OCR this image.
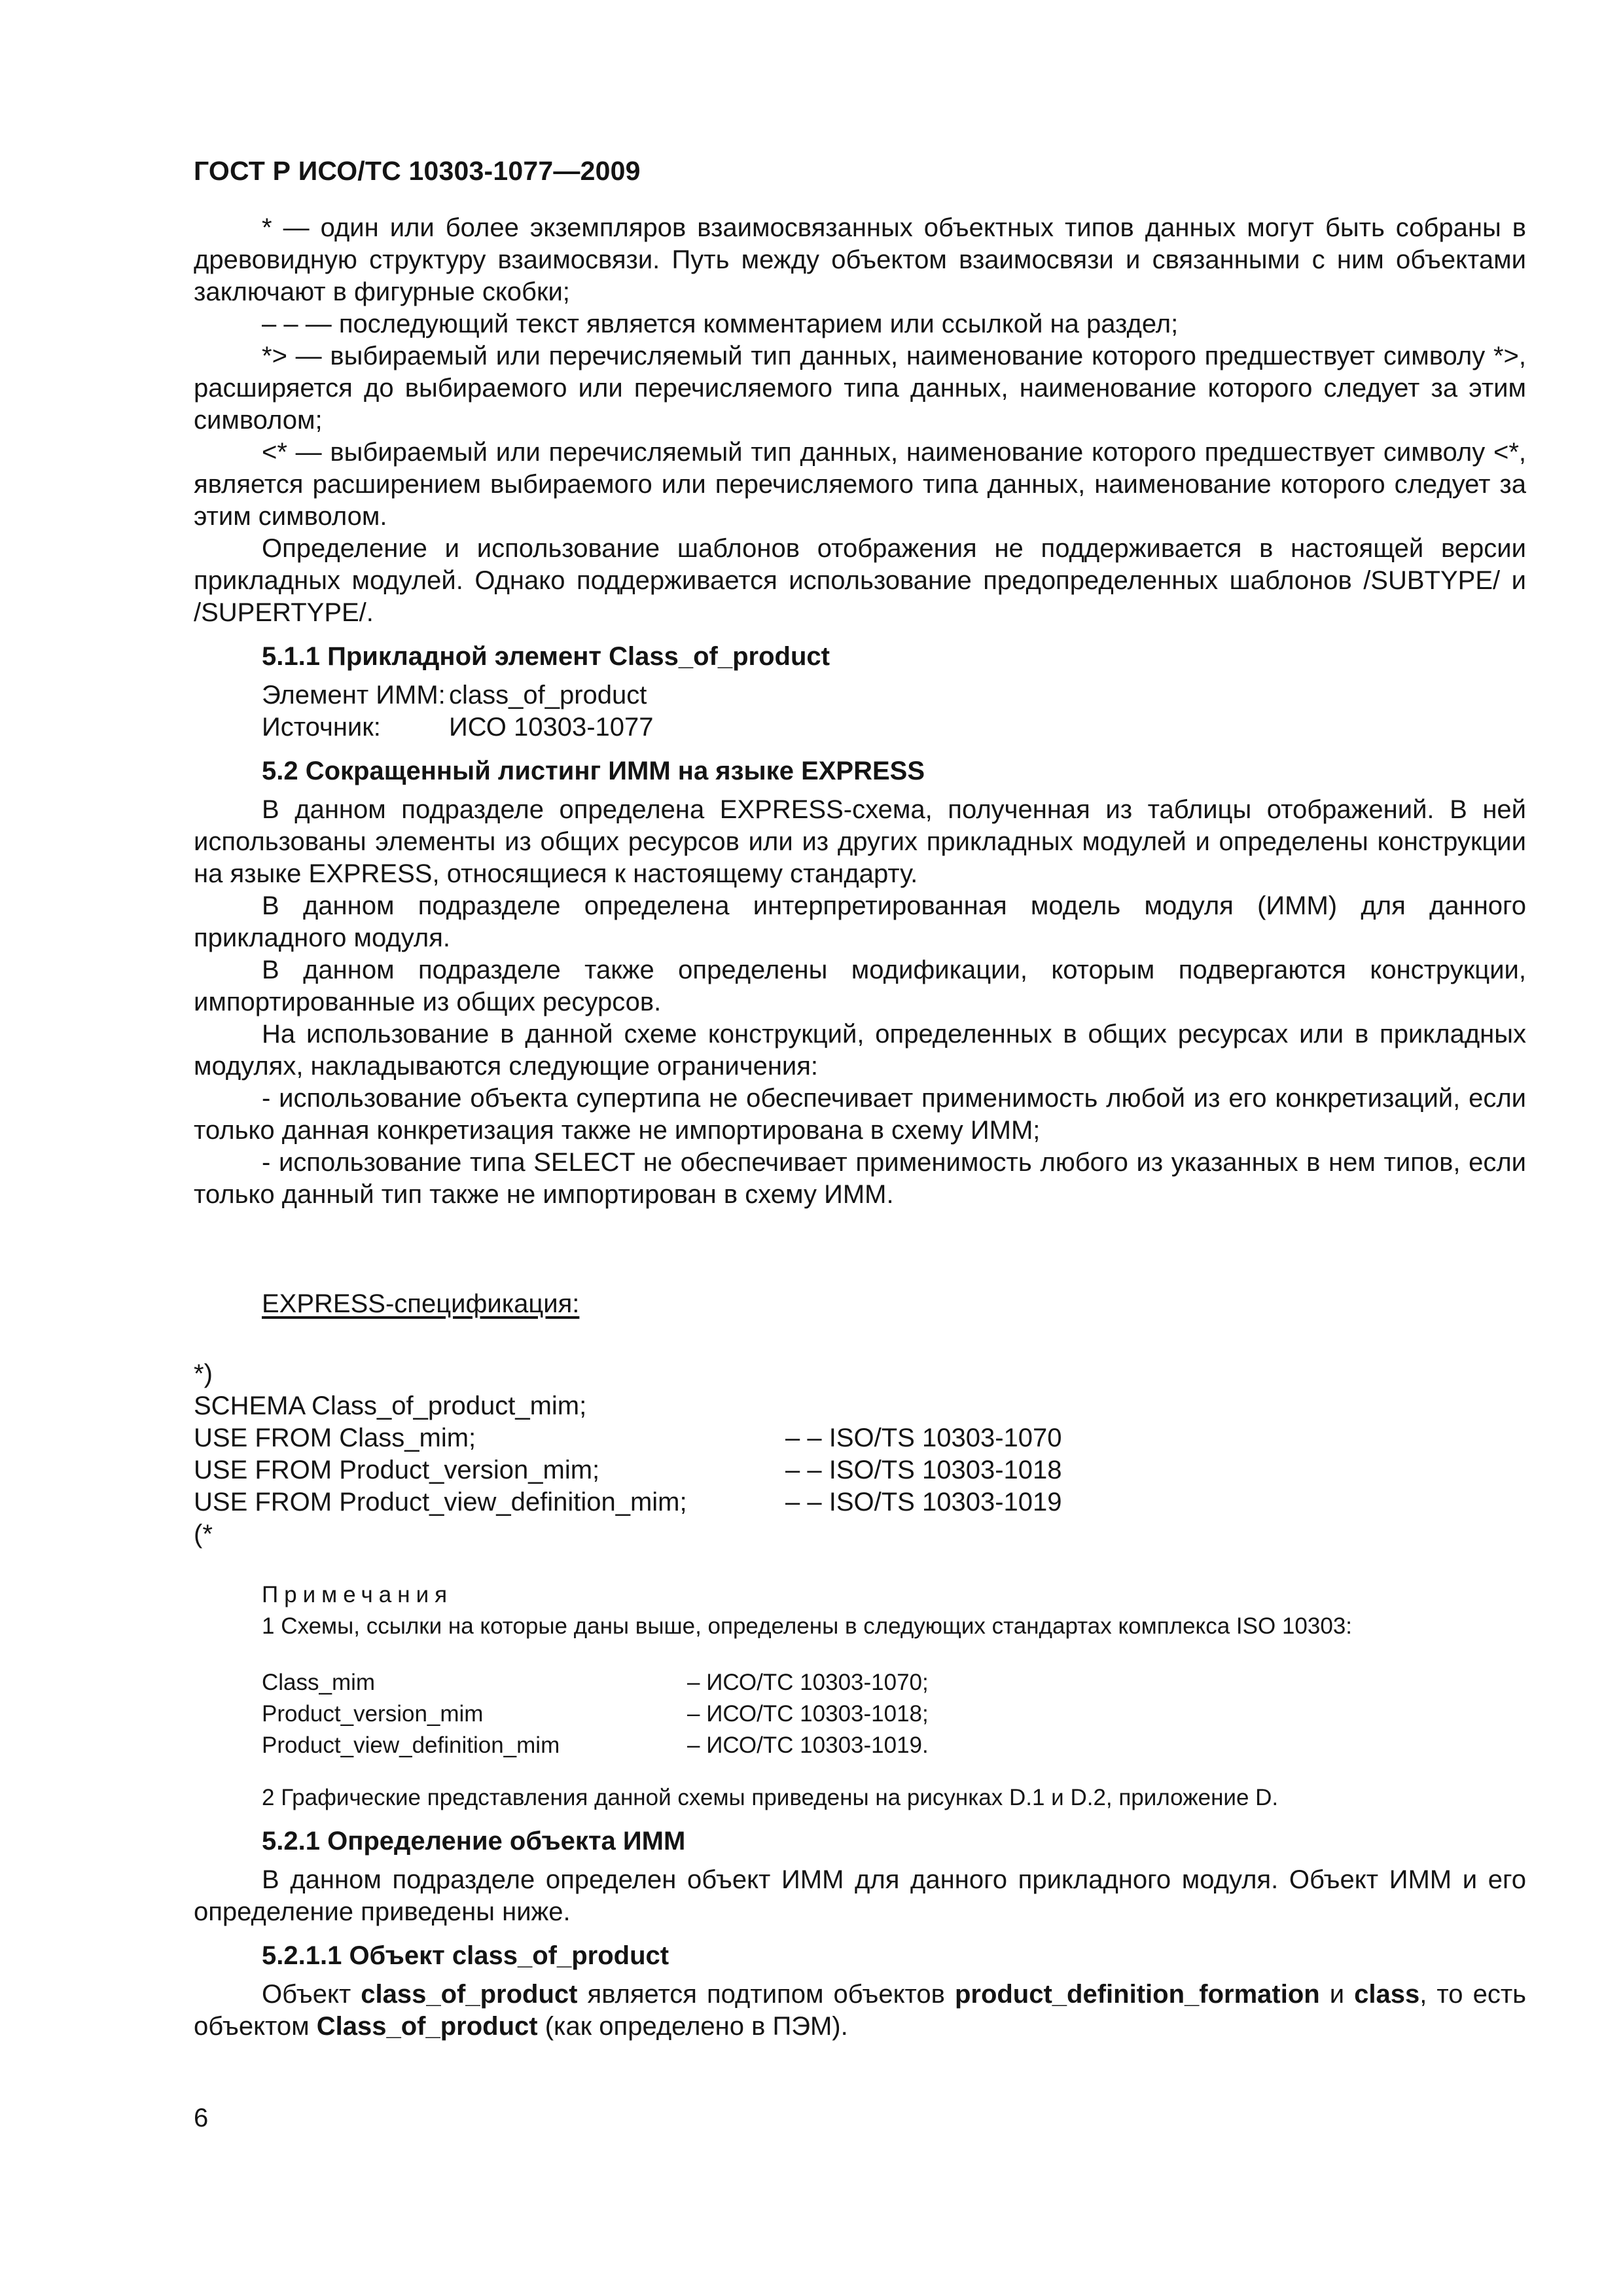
ГОСТ Р ИСО/ТС 10303-1077—2009

* — один или более экземпляров взаимосвязанных объектных типов данных могут быть собраны в древовидную структуру взаимосвязи. Путь между объектом взаимосвязи и связанными с ним объектами заключают в фигурные скобки;

– – — последующий текст является комментарием или ссылкой на раздел;

*> — выбираемый или перечисляемый тип данных, наименование которого предшествует символу *>, расширяется до выбираемого или перечисляемого типа данных, наименование которого следует за этим символом;

<* — выбираемый или перечисляемый тип данных, наименование которого предшествует символу <*, является расширением выбираемого или перечисляемого типа данных, наименование которого следует за этим символом.

Определение и использование шаблонов отображения не поддерживается в настоящей версии прикладных модулей. Однако поддерживается использование предопределенных шаблонов /SUBTYPE/ и /SUPERTYPE/.

5.1.1 Прикладной элемент Class_of_product

Элемент ИММ: class_of_product
Источник:	ИСО 10303-1077

5.2 Сокращенный листинг ИММ на языке EXPRESS

В данном подразделе определена EXPRESS-схема, полученная из таблицы отображений. В ней использованы элементы из общих ресурсов или из других прикладных модулей и определены конструкции на языке EXPRESS, относящиеся к настоящему стандарту.

В данном подразделе определена интерпретированная модель модуля (ИММ) для данного прикладного модуля.

В данном подразделе также определены модификации, которым подвергаются конструкции, импортированные из общих ресурсов.

На использование в данной схеме конструкций, определенных в общих ресурсах или в прикладных модулях, накладываются следующие ограничения:

- использование объекта супертипа не обеспечивает применимость любой из его конкретизаций, если только данная конкретизация также не импортирована в схему ИММ;

- использование типа SELECT не обеспечивает применимость любого из указанных в нем типов, если только данный тип также не импортирован в схему ИММ.

EXPRESS-спецификация:

*)
SCHEMA Class_of_product_mim;
USE FROM Class_mim;	– – ISO/TS 10303-1070
USE FROM Product_version_mim;	– – ISO/TS 10303-1018
USE FROM Product_view_definition_mim;	– – ISO/TS 10303-1019
(*

Примечания

1 Схемы, ссылки на которые даны выше, определены в следующих стандартах комплекса ISO 10303:

Class_mim	– ИСО/ТС 10303-1070;
Product_version_mim	– ИСО/ТС 10303-1018;
Product_view_definition_mim	– ИСО/ТС 10303-1019.

2 Графические представления данной схемы приведены на рисунках D.1 и D.2, приложение D.

5.2.1 Определение объекта ИММ

В данном подразделе определен объект ИММ для данного прикладного модуля. Объект ИММ и его определение приведены ниже.

5.2.1.1 Объект class_of_product

Объект class_of_product является подтипом объектов product_definition_formation и class, то есть объектом Class_of_product (как определено в ПЭМ).

6
